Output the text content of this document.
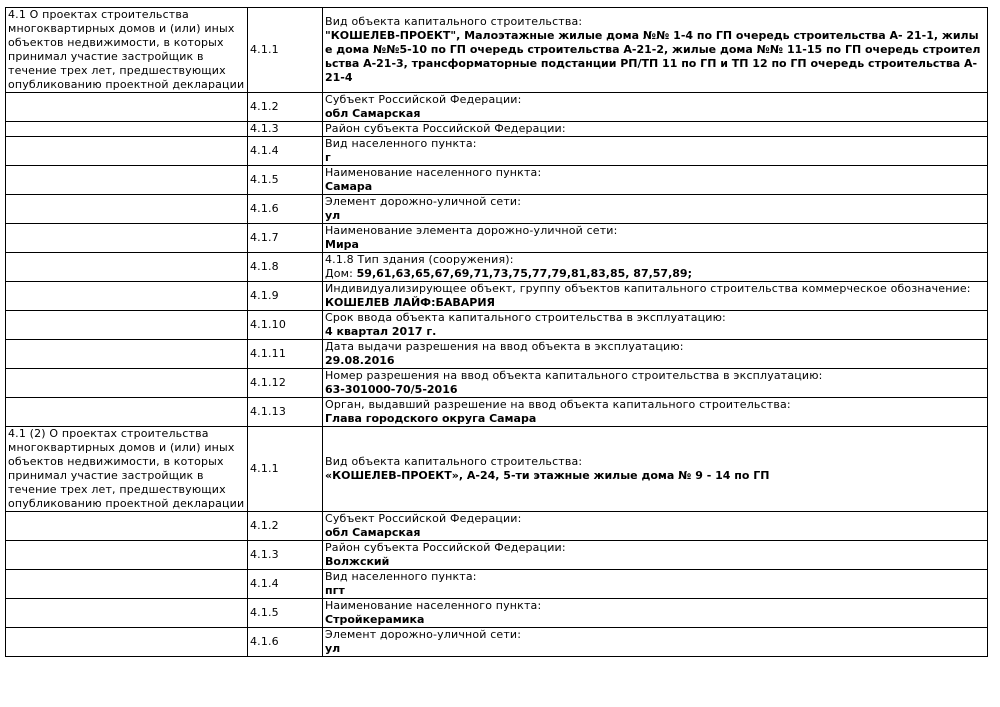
4.1 О проектах строительства многоквартирных домов и (или) иных объектов недвижимости, в которых принимал участие застройщик в течение трех лет, предшествующих опубликованию проектной декларации	4.1.1	Вид объекта капитального строительства:
"КОШЕЛЕВ-ПРОЕКТ", Малоэтажные жилые дома №№ 1-4 по ГП очередь строительства А- 21-1, жилые дома №№5-10 по ГП очередь строительства А-21-2, жилые дома №№ 11-15 по ГП очередь строительства А-21-3, трансформаторные подстанции РП/ТП 11 по ГП и ТП 12 по ГП очередь строительства А- 21-4

	4.1.2	Субъект Российской Федерации:
обл Самарская

	4.1.3	Район субъекта Российской Федерации:

	4.1.4	Вид населенного пункта:
г

	4.1.5	Наименование населенного пункта:
Самара

	4.1.6	Элемент дорожно-уличной сети:
ул

	4.1.7	Наименование элемента дорожно-уличной сети:
Мира

	4.1.8	4.1.8 Тип здания (сооружения):
Дом: 59,61,63,65,67,69,71,73,75,77,79,81,83,85, 87,57,89;

	4.1.9	Индивидуализирующее объект, группу объектов капитального строительства коммерческое обозначение:
КОШЕЛЕВ ЛАЙФ:БАВАРИЯ

	4.1.10	Срок ввода объекта капитального строительства в эксплуатацию:
4 квартал 2017 г.

	4.1.11	Дата выдачи разрешения на ввод объекта в эксплуатацию:
29.08.2016

	4.1.12	Номер разрешения на ввод объекта капитального строительства в эксплуатацию:
63-301000-70/5-2016

	4.1.13	Орган, выдавший разрешение на ввод объекта капитального строительства:
Глава городского округа Самара

4.1 (2) О проектах строительства многоквартирных домов и (или) иных объектов недвижимости, в которых принимал участие застройщик в течение трех лет, предшествующих опубликованию проектной декларации	4.1.1	Вид объекта капитального строительства:
«КОШЕЛЕВ-ПРОЕКТ», А-24, 5-ти этажные жилые дома № 9 - 14 по ГП

	4.1.2	Субъект Российской Федерации:
обл Самарская

	4.1.3	Район субъекта Российской Федерации:
Волжский

	4.1.4	Вид населенного пункта:
пгт

	4.1.5	Наименование населенного пункта:
Стройкерамика

	4.1.6	Элемент дорожно-уличной сети:
ул
